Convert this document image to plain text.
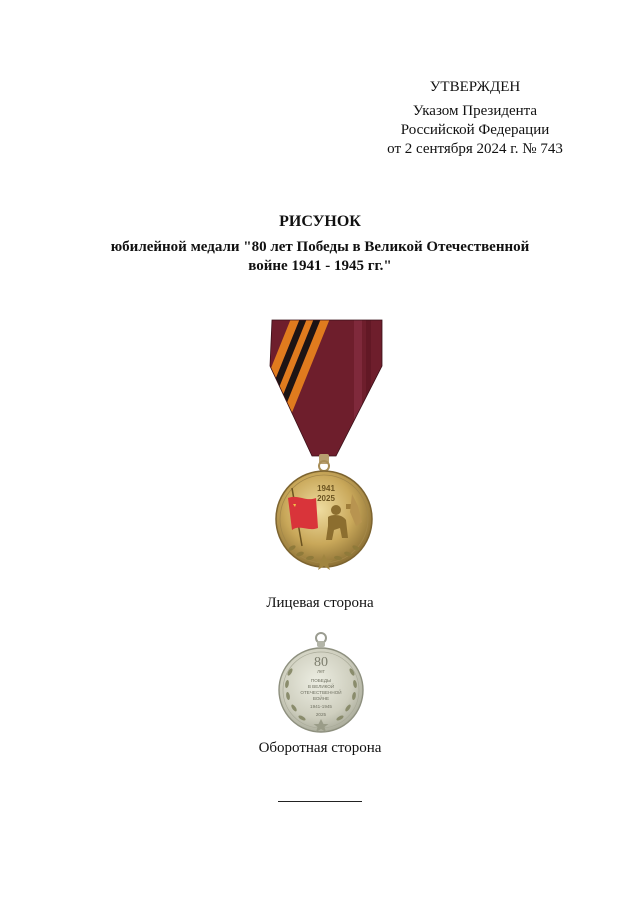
УТВЕРЖДЕН
Указом Президента
Российской Федерации
от 2 сентября 2024 г. № 743
РИСУНОК
юбилейной медали "80 лет Победы в Великой Отечественной
войне 1941 - 1945 гг."
1941
2025
Лицевая сторона
80
лет
ПОБЕДЫ
В ВЕЛИКОЙ
ОТЕЧЕСТВЕННОЙ
ВОЙНЕ
1941-1945
2025
Оборотная сторона
